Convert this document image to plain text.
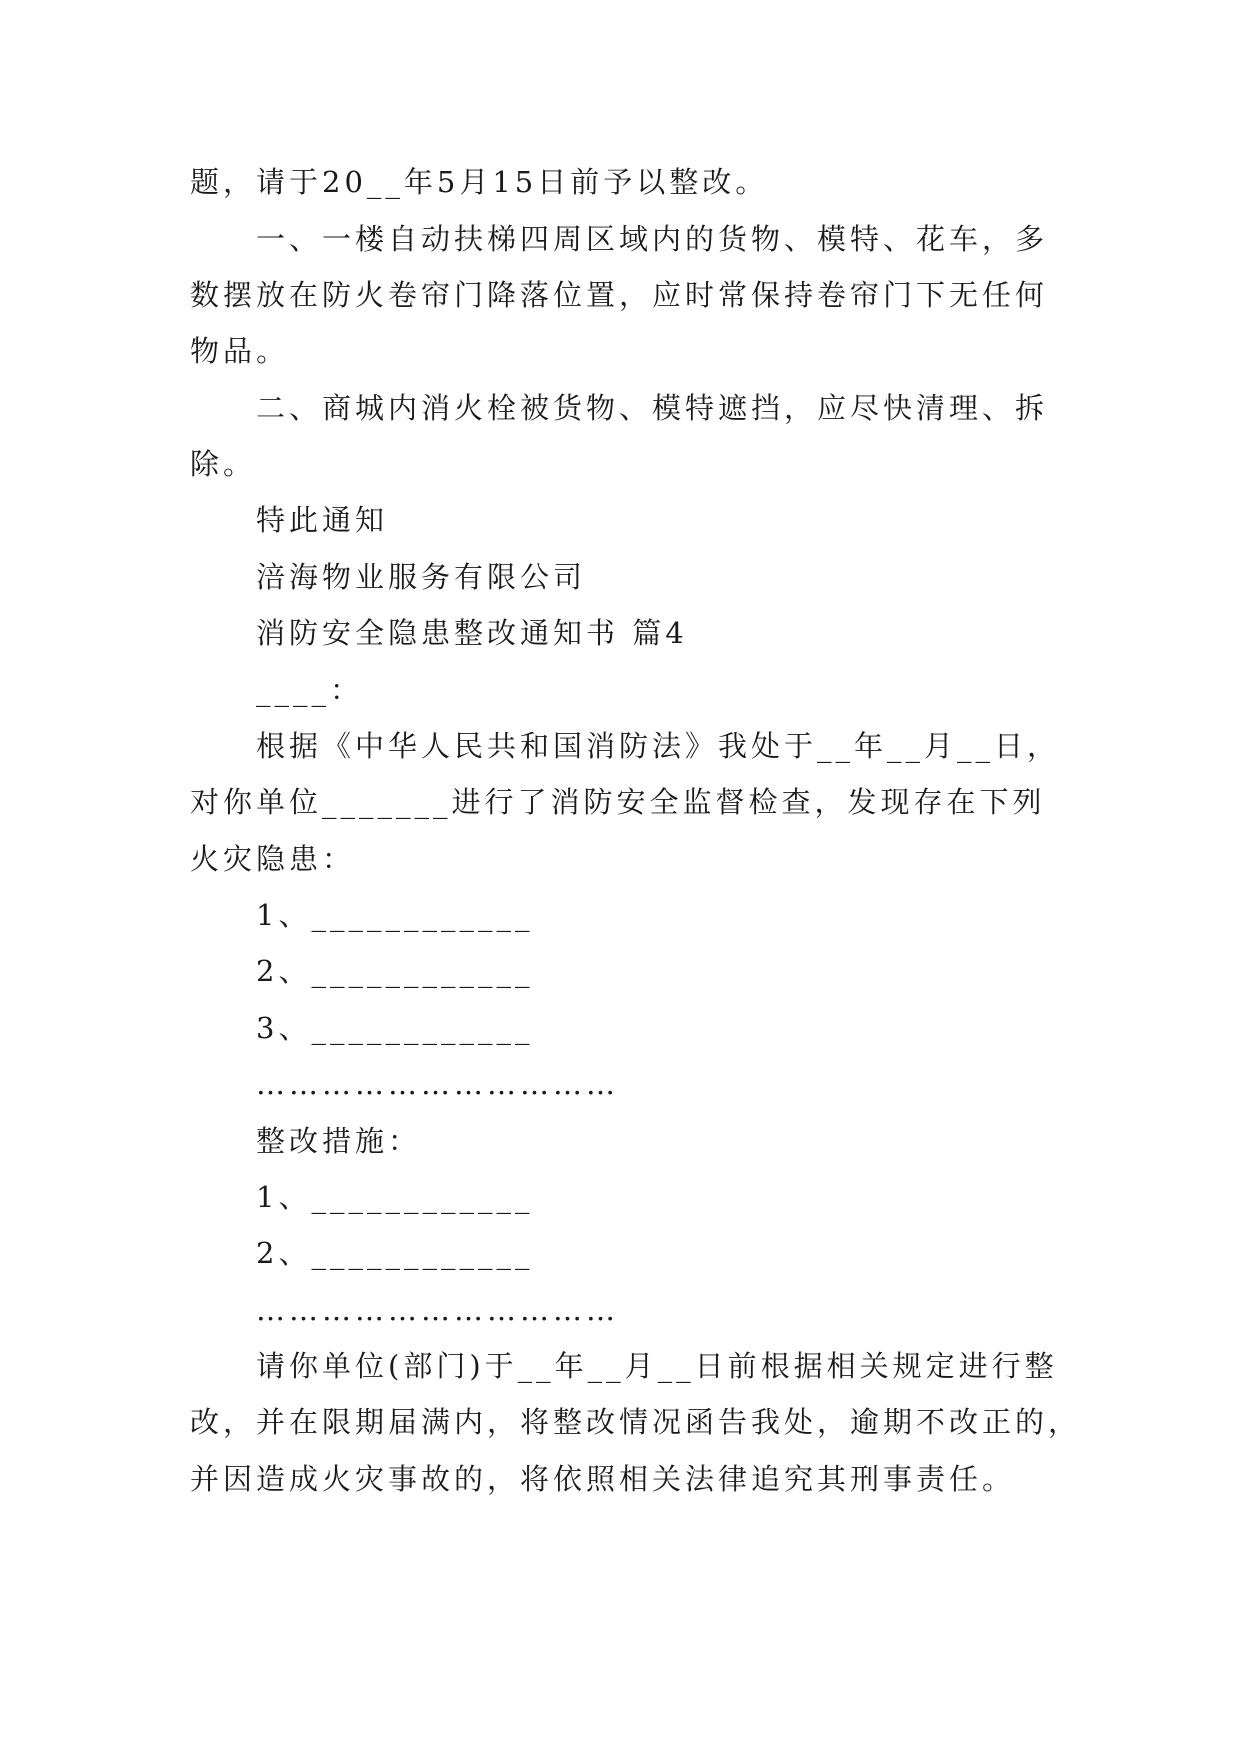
题，请于20__年5月15日前予以整改。
一、一楼自动扶梯四周区域内的货物、模特、花车，多
数摆放在防火卷帘门降落位置，应时常保持卷帘门下无任何
物品。
二、商城内消火栓被货物、模特遮挡，应尽快清理、拆
除。
特此通知
涪海物业服务有限公司
消防安全隐患整改通知书 篇4
____：
根据《中华人民共和国消防法》我处于__年__月__日，
对你单位_______进行了消防安全监督检查，发现存在下列
火灾隐患：
1、____________
2、____________
3、____________
……………………………
整改措施：
1、____________
2、____________
……………………………
请你单位(部门)于__年__月__日前根据相关规定进行整
改，并在限期届满内，将整改情况函告我处，逾期不改正的，
并因造成火灾事故的，将依照相关法律追究其刑事责任。
